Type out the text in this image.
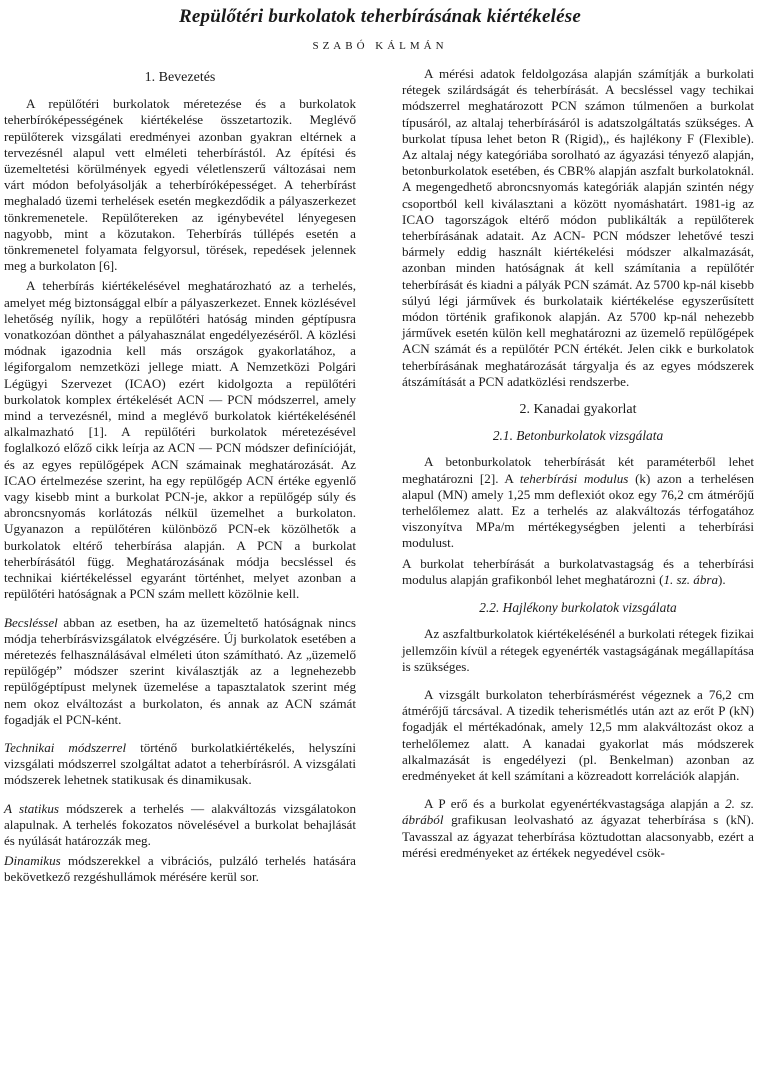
Repülőtéri burkolatok teherbírásának kiértékelése
SZABÓ KÁLMÁN
1. Bevezetés

A repülőtéri burkolatok méretezése és a burkolatok teherbíróképességének kiértékelése összetartozik. Meglévő repülőterek vizsgálati eredményei azonban gyakran eltérnek a tervezésnél alapul vett elméleti teherbírástól. Az építési és üzemeltetési körülmények egyedi véletlenszerű változásai nem várt módon befolyásolják a teherbíróképességet. A teherbírást meghaladó üzemi terhelések esetén megkezdődik a pályaszerkezet tönkremenetele. Repülőtereken az igénybevétel lényegesen nagyobb, mint a közutakon. Teherbírás túllépés esetén a tönkremenetel folyamata felgyorsul, törések, repedések jelennek meg a burkolaton [6].

A teherbírás kiértékelésével meghatározható az a terhelés, amelyet még biztonsággal elbír a pályaszerkezet. Ennek közlésével lehetőség nyílik, hogy a repülőtéri hatóság minden géptípusra vonatkozóan dönthet a pályahasználat engedélyezéséről. A közlési módnak igazodnia kell más országok gyakorlatához, a légiforgalom nemzetközi jellege miatt. A Nemzetközi Polgári Légügyi Szervezet (ICAO) ezért kidolgozta a repülőtéri burkolatok komplex értékelését ACN — PCN módszerrel, amely mind a tervezésnél, mind a meglévő burkolatok kiértékelésénél alkalmazható [1]. A repülőtéri burkolatok méretezésével foglalkozó előző cikk leírja az ACN — PCN módszer definícióját, és az egyes repülőgépek ACN számainak meghatározását. Az ICAO értelmezése szerint, ha egy repülőgép ACN értéke egyenlő vagy kisebb mint a burkolat PCN-je, akkor a repülőgép súly és abroncsnyomás korlátozás nélkül üzemelhet a burkolaton. Ugyanazon a repülőtéren különböző PCN-ek közölhetők a burkolatok eltérő teherbírása alapján. A PCN a burkolat teherbírásától függ. Meghatározásának módja becsléssel és technikai kiértékeléssel egyaránt történhet, melyet azonban a repülőtéri hatóságnak a PCN szám mellett közölnie kell.

Becsléssel abban az esetben, ha az üzemeltető hatóságnak nincs módja teherbírásvizsgálatok elvégzésére. Új burkolatok esetében a méretezés felhasználásával elméleti úton számítható. Az „üzemelő repülőgép” módszer szerint kiválasztják az a legnehezebb repülőgéptípust melynek üzemelése a tapasztalatok szerint még nem okoz elváltozást a burkolaton, és annak az ACN számát fogadják el PCN-ként.

Technikai módszerrel történő burkolatkiértékelés, helyszíni vizsgálati módszerrel szolgáltat adatot a teherbírásról. A vizsgálati módszerek lehetnek statikusak és dinamikusak.

A statikus módszerek a terhelés — alakváltozás vizsgálatokon alapulnak. A terhelés fokozatos növelésével a burkolat behajlását és nyúlását határozzák meg.

Dinamikus módszerekkel a vibrációs, pulzáló terhelés hatására bekövetkező rezgéshullámok mérésére kerül sor.

A mérési adatok feldolgozása alapján számítják a burkolati rétegek szilárdságát és teherbírását. A becsléssel vagy techikai módszerrel meghatározott PCN számon túlmenően a burkolat típusáról, az altalaj teherbírásáról is adatszolgáltatás szükséges. A burkolat típusa lehet beton R (Rigid),, és hajlékony F (Flexible). Az altalaj négy kategóriába sorolható az ágyazási tényező alapján, betonburkolatok esetében, és CBR% alapján aszfalt burkolatoknál. A megengedhető abroncsnyomás kategóriák alapján szintén négy csoportból kell kiválasztani a között nyomáshatárt. 1981-ig az ICAO tagországok eltérő módon publikálták a repülőterek teherbírásának adatait. Az ACN- PCN módszer lehetővé teszi bármely eddig használt kiértékelési módszer alkalmazását, azonban minden hatóságnak át kell számítania a repülőtér teherbírását és kiadni a pályák PCN számát. Az 5700 kp-nál kisebb súlyú légi járművek és burkolataik kiértékelése egyszerűsített módon történik grafikonok alapján. Az 5700 kp-nál nehezebb járművek esetén külön kell meghatározni az üzemelő repülőgépek ACN számát és a repülőtér PCN értékét. Jelen cikk e burkolatok teherbírásának meghatározását tárgyalja és az egyes módszerek átszámítását a PCN adatközlési rendszerbe.

2. Kanadai gyakorlat
2.1. Betonburkolatok vizsgálata

A betonburkolatok teherbírását két paraméterből lehet meghatározni [2]. A teherbírási modulus (k) azon a terhelésen alapul (MN) amely 1,25 mm deflexiót okoz egy 76,2 cm átmérőjű terhelőlemez alatt. Ez a terhelés az alakváltozás térfogatához viszonyítva MPa/m mértékegységben jelenti a teherbírási modulust.

A burkolat teherbírását a burkolatvastagság és a teherbírási modulus alapján grafikonból lehet meghatározni (1. sz. ábra).

2.2. Hajlékony burkolatok vizsgálata

Az aszfaltburkolatok kiértékelésénél a burkolati rétegek fizikai jellemzőin kívül a rétegek egyenérték vastagságának megállapítása is szükséges.

A vizsgált burkolaton teherbírásmérést végeznek a 76,2 cm átmérőjű tárcsával. A tizedik teherismétlés után azt az erőt P (kN) fogadják el mértékadónak, amely 12,5 mm alakváltozást okoz a terhelőlemez alatt. A kanadai gyakorlat más módszerek alkalmazását is engedélyezi (pl. Benkelman) azonban az eredményeket át kell számítani a közreadott korrelációk alapján.

A P erő és a burkolat egyenértékvastagsága alapján a 2. sz. ábrából grafikusan leolvasható az ágyazat teherbírása s (kN). Tavasszal az ágyazat teherbírása köztudottan alacsonyabb, ezért a mérési eredményeket az értékek negyedével csök-
